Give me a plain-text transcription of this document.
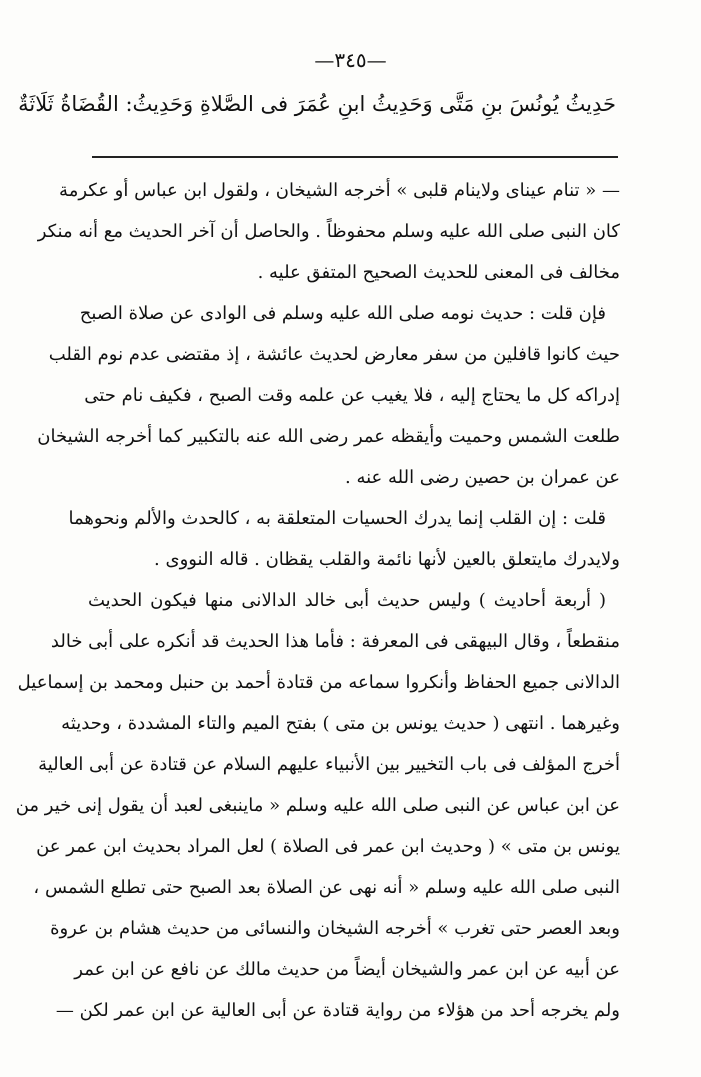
—٣٤٥—
حَدِيثُ يُونُسَ بنِ مَتَّى وَحَدِيثُ ابنِ عُمَرَ فى الصَّلاةِ وَحَدِيثُ: القُضَاةُ ثَلَاثَةٌ
— « تنام عيناى ولاينام قلبى » أخرجه الشيخان ، ولقول ابن عباس أو عكرمة
كان النبى صلى الله عليه وسلم محفوظاً . والحاصل أن آخر الحديث مع أنه منكر
مخالف فى المعنى للحديث الصحيح المتفق عليه .
فإن قلت : حديث نومه صلى الله عليه وسلم فى الوادى عن صلاة الصبح
حيث كانوا قافلين من سفر معارض لحديث عائشة ، إذ مقتضى عدم نوم القلب
إدراكه كل ما يحتاج إليه ، فلا يغيب عن علمه وقت الصبح ، فكيف نام حتى
طلعت الشمس وحميت وأيقظه عمر رضى الله عنه بالتكبير كما أخرجه الشيخان
عن عمران بن حصين رضى الله عنه .
قلت : إن القلب إنما يدرك الحسيات المتعلقة به ، كالحدث والألم ونحوهما
ولايدرك مايتعلق بالعين لأنها نائمة والقلب يقظان . قاله النووى .
( أربعة أحاديث ) وليس حديث أبى خالد الدالانى منها فيكون الحديث
منقطعاً ، وقال البيهقى فى المعرفة : فأما هذا الحديث قد أنكره على أبى خالد
الدالانى جميع الحفاظ وأنكروا سماعه من قتادة أحمد بن حنبل ومحمد بن إسماعيل
وغيرهما . انتهى ( حديث يونس بن متى ) بفتح الميم والتاء المشددة ، وحديثه
أخرج المؤلف فى باب التخيير بين الأنبياء عليهم السلام عن قتادة عن أبى العالية
عن ابن عباس عن النبى صلى الله عليه وسلم « ماينبغى لعبد أن يقول إنى خير من
يونس بن متى » ( وحديث ابن عمر فى الصلاة ) لعل المراد بحديث ابن عمر عن
النبى صلى الله عليه وسلم « أنه نهى عن الصلاة بعد الصبح حتى تطلع الشمس ،
وبعد العصر حتى تغرب » أخرجه الشيخان والنسائى من حديث هشام بن عروة
عن أبيه عن ابن عمر والشيخان أيضاً من حديث مالك عن نافع عن ابن عمر
ولم يخرجه أحد من هؤلاء من رواية قتادة عن أبى العالية عن ابن عمر لكن —
